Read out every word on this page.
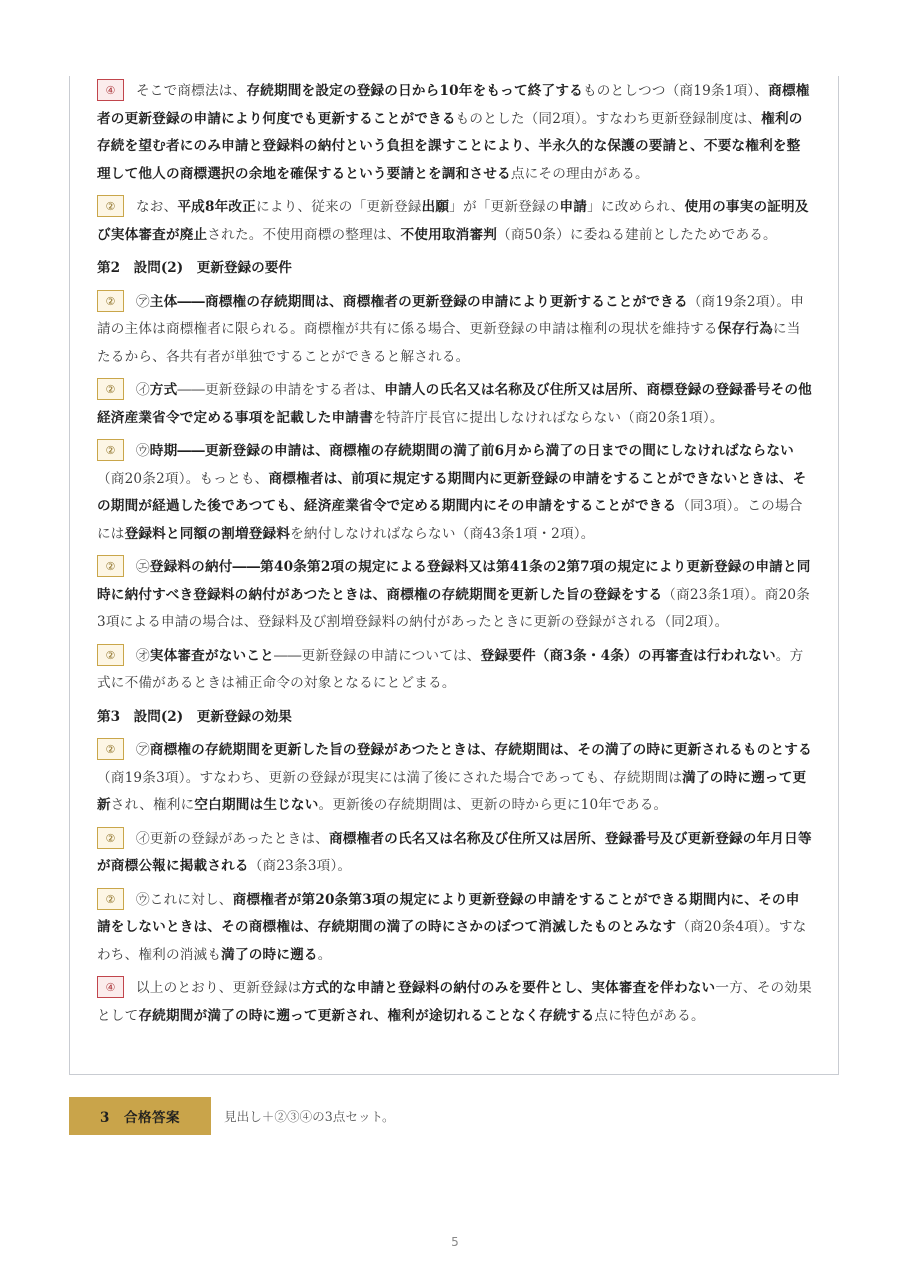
④ そこで商標法は、存続期間を設定の登録の日から10年をもって終了するものとしつつ（商19条1項）、商標権者の更新登録の申請により何度でも更新することができるものとした（同2項）。すなわち更新登録制度は、権利の存続を望む者にのみ申請と登録料の納付という負担を課すことにより、半永久的な保護の要請と、不要な権利を整理して他人の商標選択の余地を確保するという要請とを調和させる点にその理由がある。

② なお、平成8年改正により、従来の「更新登録出願」が「更新登録の申請」に改められ、使用の事実の証明及び実体審査が廃止された。不使用商標の整理は、不使用取消審判（商50条）に委ねる建前としたためである。

第2　設問(2)　更新登録の要件

② ㋐主体――商標権の存続期間は、商標権者の更新登録の申請により更新することができる（商19条2項）。申請の主体は商標権者に限られる。商標権が共有に係る場合、更新登録の申請は権利の現状を維持する保存行為に当たるから、各共有者が単独ですることができると解される。

② ㋑方式――更新登録の申請をする者は、申請人の氏名又は名称及び住所又は居所、商標登録の登録番号その他経済産業省令で定める事項を記載した申請書を特許庁長官に提出しなければならない（商20条1項）。

② ㋒時期――更新登録の申請は、商標権の存続期間の満了前6月から満了の日までの間にしなければならない（商20条2項）。もっとも、商標権者は、前項に規定する期間内に更新登録の申請をすることができないときは、その期間が経過した後であつても、経済産業省令で定める期間内にその申請をすることができる（同3項）。この場合には登録料と同額の割増登録料を納付しなければならない（商43条1項・2項）。

② ㋓登録料の納付――第40条第2項の規定による登録料又は第41条の2第7項の規定により更新登録の申請と同時に納付すべき登録料の納付があつたときは、商標権の存続期間を更新した旨の登録をする（商23条1項）。商20条3項による申請の場合は、登録料及び割増登録料の納付があったときに更新の登録がされる（同2項）。

② ㋔実体審査がないこと――更新登録の申請については、登録要件（商3条・4条）の再審査は行われない。方式に不備があるときは補正命令の対象となるにとどまる。

第3　設問(2)　更新登録の効果

② ㋐商標権の存続期間を更新した旨の登録があつたときは、存続期間は、その満了の時に更新されるものとする（商19条3項）。すなわち、更新の登録が現実には満了後にされた場合であっても、存続期間は満了の時に遡って更新され、権利に空白期間は生じない。更新後の存続期間は、更新の時から更に10年である。

② ㋑更新の登録があったときは、商標権者の氏名又は名称及び住所又は居所、登録番号及び更新登録の年月日等が商標公報に掲載される（商23条3項）。

② ㋒これに対し、商標権者が第20条第3項の規定により更新登録の申請をすることができる期間内に、その申請をしないときは、その商標権は、存続期間の満了の時にさかのぼつて消滅したものとみなす（商20条4項）。すなわち、権利の消滅も満了の時に遡る。

④ 以上のとおり、更新登録は方式的な申請と登録料の納付のみを要件とし、実体審査を伴わない一方、その効果として存続期間が満了の時に遡って更新され、権利が途切れることなく存続する点に特色がある。

3　合格答案	見出し＋②③④の3点セット。
5
